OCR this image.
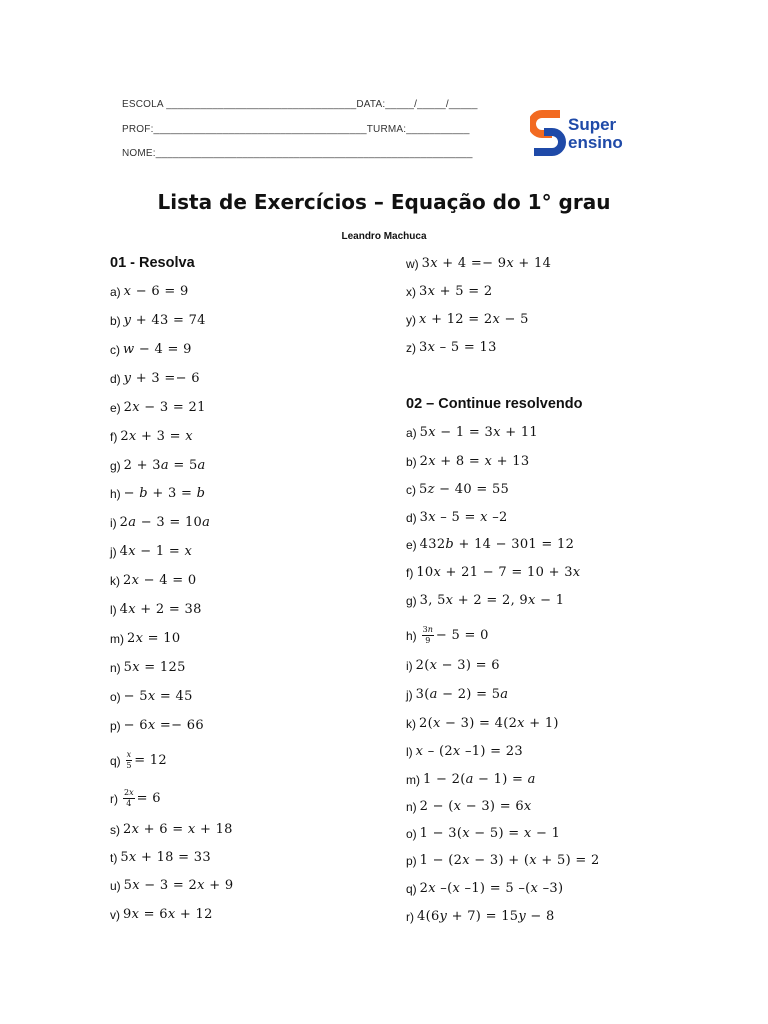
ESCOLA _________________________________DATA:_____/_____/_____
PROF:_____________________________________TURMA:___________
NOME:_______________________________________________________
Super
ensino
Lista de Exercícios – Equação do 1° grau
Leandro Machuca
01 - Resolva
02 – Continue resolvendo
a) 𝑥 − 6 = 9
b) 𝑦 + 43 = 74
c) 𝑤 − 4 = 9
d) 𝑦 + 3 =− 6
e) 2𝑥 − 3 = 21
f) 2𝑥 + 3 = 𝑥
g) 2 + 3𝑎 = 5𝑎
h) − 𝑏 + 3 = 𝑏
i) 2𝑎 − 3 = 10𝑎
j) 4𝑥 − 1 = 𝑥
k) 2𝑥 − 4 = 0
l) 4𝑥 + 2 = 38
m) 2𝑥 = 10
n) 5𝑥 = 125
o) − 5𝑥 = 45
p) − 6𝑥 =− 66
$q) \frac{\text{𝑥}}{5} = 12$
$r) \frac{\text{2𝑥}}{4} = 6$
s) 2𝑥 + 6 = 𝑥 + 18
t) 5𝑥 + 18 = 33
u) 5𝑥 − 3 = 2𝑥 + 9
v) 9𝑥 = 6𝑥 + 12
w) 3𝑥 + 4 =− 9𝑥 + 14
x) 3𝑥 + 5 = 2
y) 𝑥 + 12 = 2𝑥 − 5
z) 3𝑥 – 5 = 13
a) 5𝑥 − 1 = 3𝑥 + 11
b) 2𝑥 + 8 = 𝑥 + 13
c) 5𝑧 − 40 = 55
d) 3𝑥 – 5 = 𝑥 –2
e) 432𝑏 + 14 − 301 = 12
f) 10𝑥 + 21 − 7 = 10 + 3𝑥
g) 3, 5𝑥 + 2 = 2, 9𝑥 − 1
$h) \frac{\text{3𝑛}}{9} - 5 = 0$
i) 2(𝑥 − 3) = 6
j) 3(𝑎 − 2) = 5𝑎
k) 2(𝑥 − 3) = 4(2𝑥 + 1)
l) 𝑥 – (2𝑥 –1) = 23
m) 1 − 2(𝑎 − 1) = 𝑎
n) 2 − (𝑥 − 3) = 6𝑥
o) 1 − 3(𝑥 − 5) = 𝑥 − 1
p) 1 − (2𝑥 − 3) + (𝑥 + 5) = 2
q) 2𝑥 –(𝑥 –1) = 5 –(𝑥 –3)
r) 4(6𝑦 + 7) = 15𝑦 − 8
